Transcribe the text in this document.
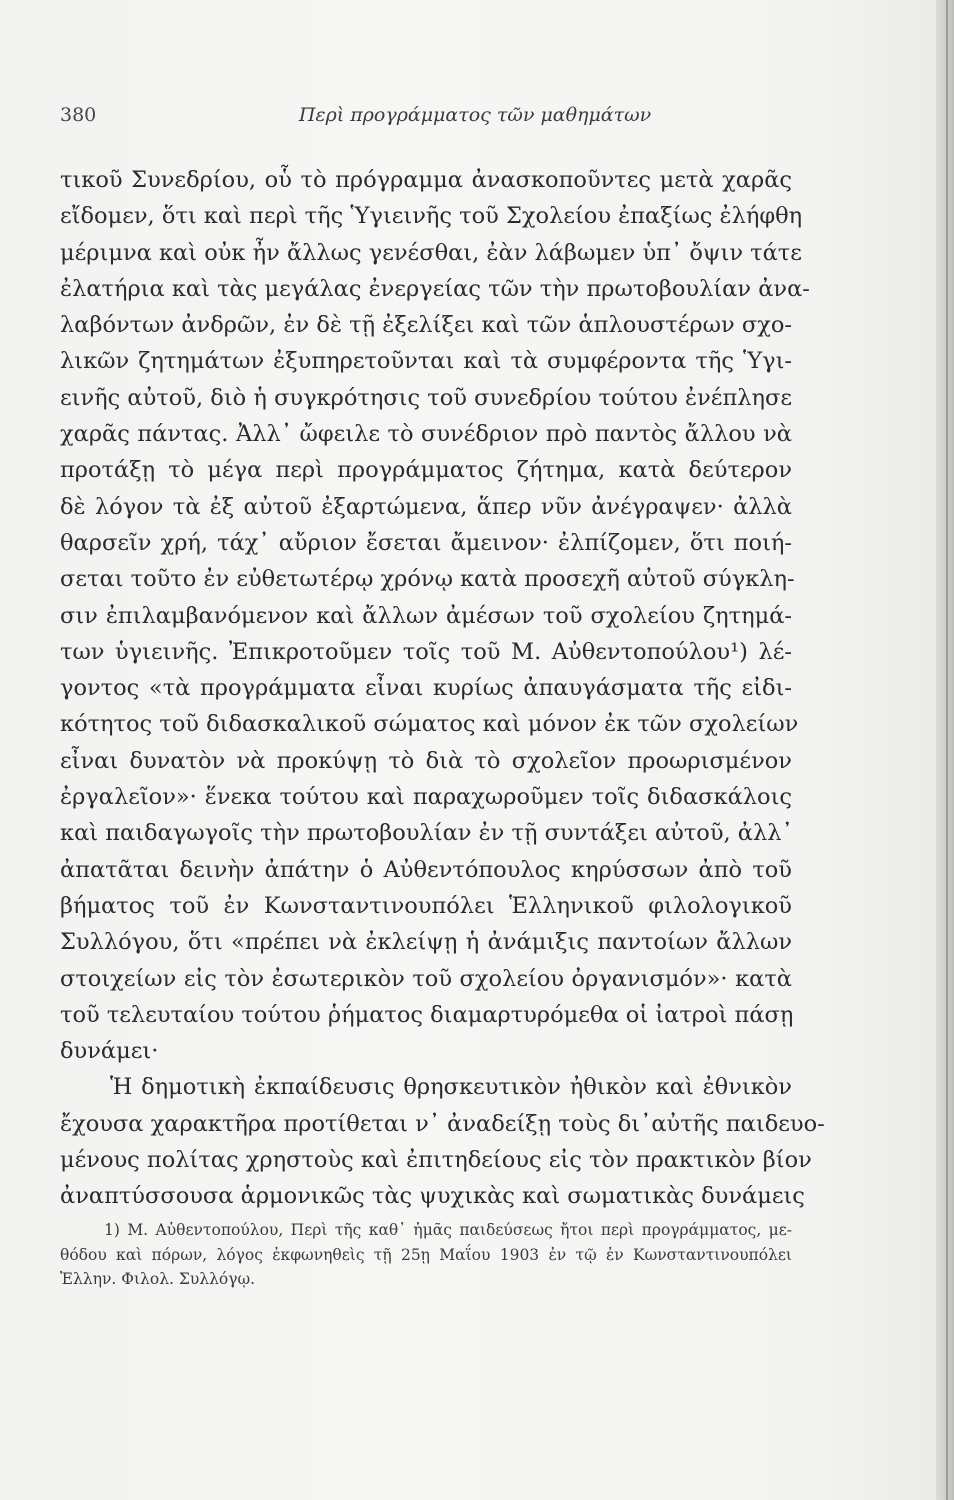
380	Περὶ προγράμματος τῶν μαθημάτων
τικοῦ Συνεδρίου, οὗ τὸ πρόγραμμα ἀνασκοποῦντες μετὰ χαρᾶς
εἴδομεν, ὅτι καὶ περὶ τῆς Ὑγιεινῆς τοῦ Σχολείου ἐπαξίως ἐλήφθη
μέριμνα καὶ οὐκ ἦν ἄλλως γενέσθαι, ἐὰν λάβωμεν ὑπ᾽ ὄψιν τάτε
ἐλατήρια καὶ τὰς μεγάλας ἐνεργείας τῶν τὴν πρωτοβουλίαν ἀνα-
λαβόντων ἀνδρῶν, ἐν δὲ τῇ ἐξελίξει καὶ τῶν ἁπλουστέρων σχο-
λικῶν ζητημάτων ἐξυπηρετοῦνται καὶ τὰ συμφέροντα τῆς Ὑγι-
εινῆς αὐτοῦ, διὸ ἡ συγκρότησις τοῦ συνεδρίου τούτου ἐνέπλησε
χαρᾶς πάντας. Ἀλλ᾽ ὤφειλε τὸ συνέδριον πρὸ παντὸς ἄλλου νὰ
προτάξῃ τὸ μέγα περὶ προγράμματος ζήτημα, κατὰ δεύτερον
δὲ λόγον τὰ ἐξ αὐτοῦ ἐξαρτώμενα, ἅπερ νῦν ἀνέγραψεν· ἀλλὰ
θαρσεῖν χρή, τάχ᾽ αὔριον ἔσεται ἄμεινον· ἐλπίζομεν, ὅτι ποιή-
σεται τοῦτο ἐν εὐθετωτέρῳ χρόνῳ κατὰ προσεχῆ αὐτοῦ σύγκλη-
σιν ἐπιλαμβανόμενον καὶ ἄλλων ἀμέσων τοῦ σχολείου ζητημά-
των ὑγιεινῆς. Ἐπικροτοῦμεν τοῖς τοῦ Μ. Αὐθεντοπούλου¹) λέ-
γοντος «τὰ προγράμματα εἶναι κυρίως ἀπαυγάσματα τῆς εἰδι-
κότητος τοῦ διδασκαλικοῦ σώματος καὶ μόνον ἐκ τῶν σχολείων
εἶναι δυνατὸν νὰ προκύψῃ τὸ διὰ τὸ σχολεῖον προωρισμένον
ἐργαλεῖον»· ἕνεκα τούτου καὶ παραχωροῦμεν τοῖς διδασκάλοις
καὶ παιδαγωγοῖς τὴν πρωτοβουλίαν ἐν τῇ συντάξει αὐτοῦ, ἀλλ᾽
ἀπατᾶται δεινὴν ἀπάτην ὁ Αὐθεντόπουλος κηρύσσων ἀπὸ τοῦ
βήματος τοῦ ἐν Κωνσταντινουπόλει Ἑλληνικοῦ φιλολογικοῦ
Συλλόγου, ὅτι «πρέπει νὰ ἐκλείψῃ ἡ ἀνάμιξις παντοίων ἄλλων
στοιχείων εἰς τὸν ἐσωτερικὸν τοῦ σχολείου ὀργανισμόν»· κατὰ
τοῦ τελευταίου τούτου ῥήματος διαμαρτυρόμεθα οἱ ἰατροὶ πάσῃ
δυνάμει·
Ἡ δημοτικὴ ἐκπαίδευσις θρησκευτικὸν ἠθικὸν καὶ ἐθνικὸν
ἔχουσα χαρακτῆρα προτίθεται ν᾽ ἀναδείξῃ τοὺς δι᾽αὐτῆς παιδευο-
μένους πολίτας χρηστοὺς καὶ ἐπιτηδείους εἰς τὸν πρακτικὸν βίον
ἀναπτύσσουσα ἁρμονικῶς τὰς ψυχικὰς καὶ σωματικὰς δυνάμεις
1) Μ. Αὐθεντοπούλου, Περὶ τῆς καθ᾽ ἡμᾶς παιδεύσεως ἤτοι περὶ προγράμματος, με-
θόδου καὶ πόρων, λόγος ἐκφωνηθεὶς τῇ 25ῃ Μαΐου 1903 ἐν τῷ ἐν Κωνσταντινουπόλει
Ἑλλην. Φιλολ. Συλλόγῳ.
